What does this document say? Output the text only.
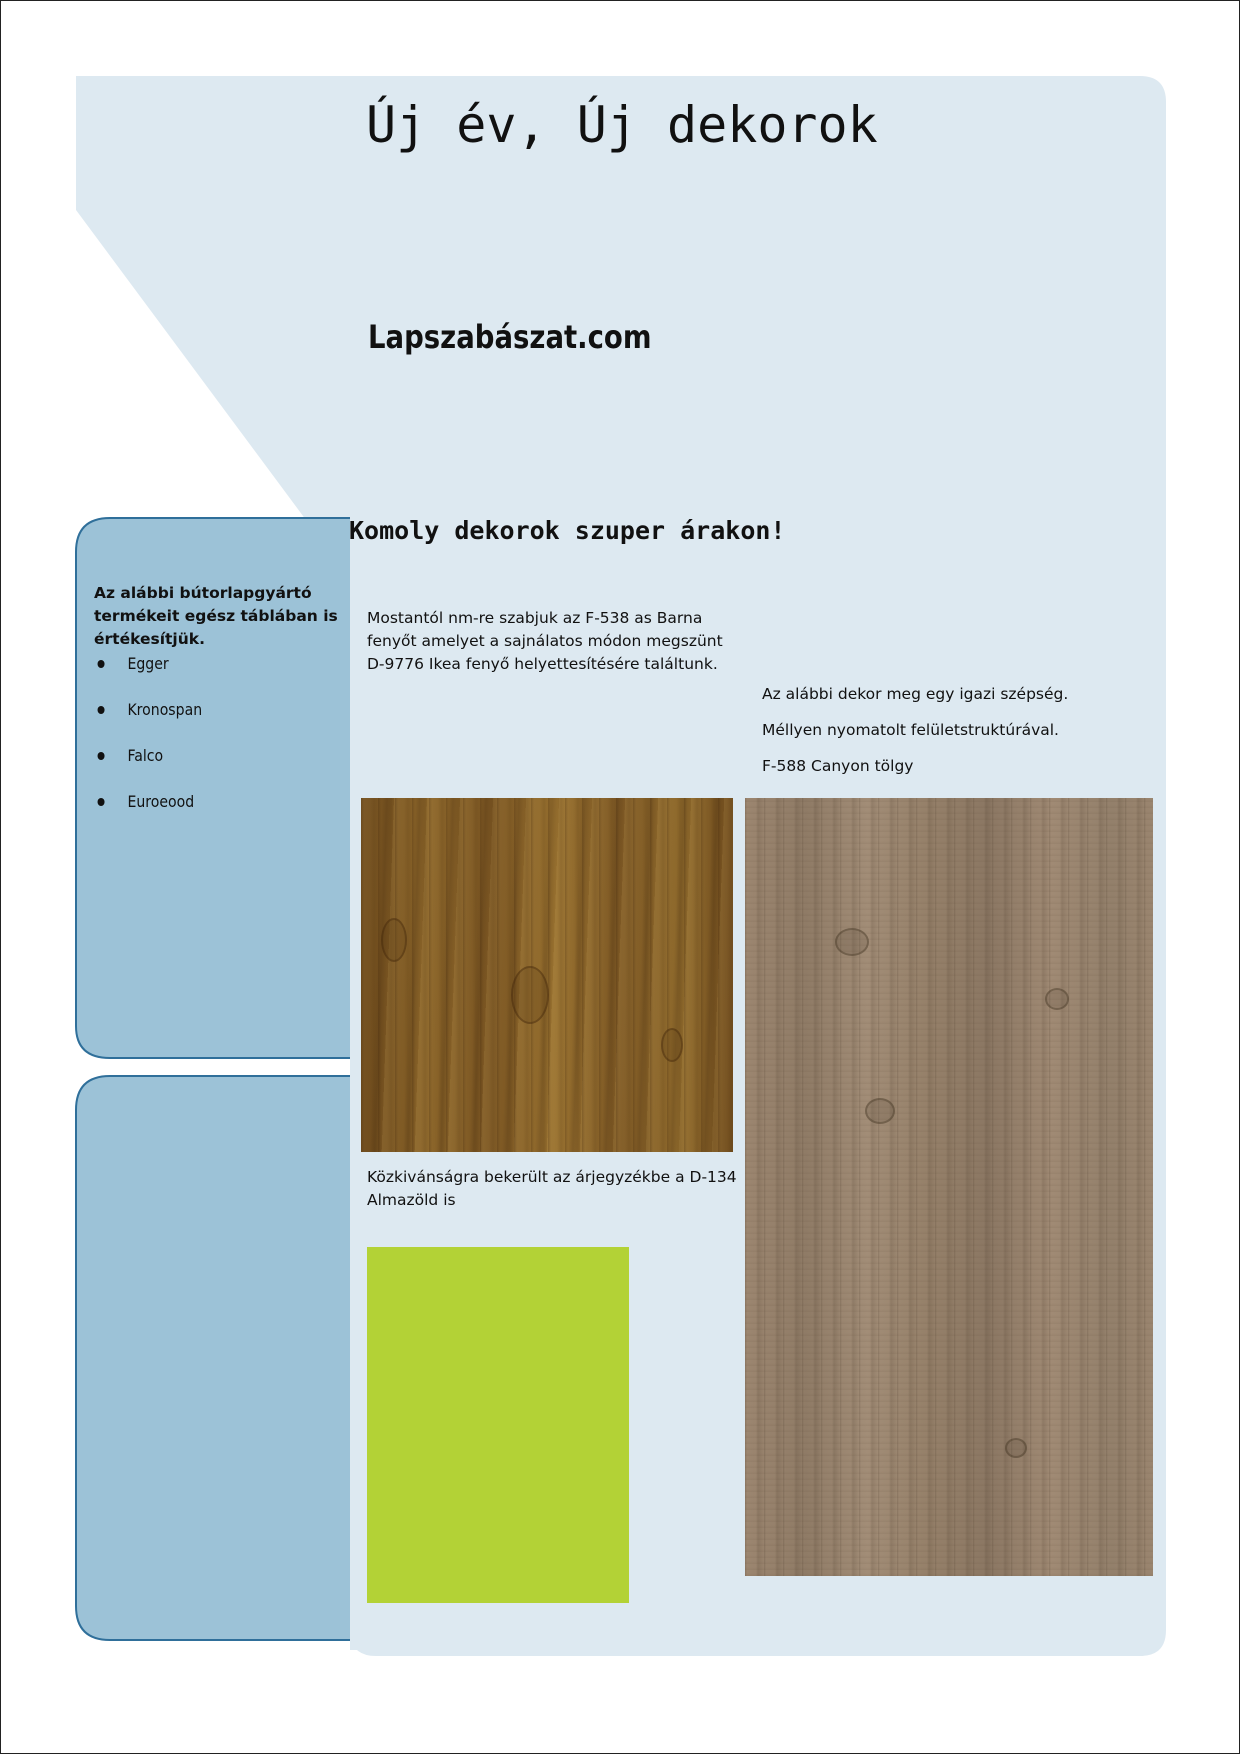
Új év, Új dekorok
Lapszabászat.com
Komoly dekorok szuper árakon!

Az alábbi bútorlapgyártó termékeit egész táblában is értékesítjük.

Egger
Kronospan
Falco
Euroeood

Mostantól nm-re szabjuk az F-538 as Barna fenyőt amelyet a sajnálatos módon megszünt D-9776 Ikea fenyő helyettesítésére találtunk.

Az alábbi dekor meg egy igazi szépség.
Méllyen nyomatolt felületstruktúrával.
F-588 Canyon tölgy

Közkivánságra bekerült az árjegyzékbe a D-134 Almazöld is
